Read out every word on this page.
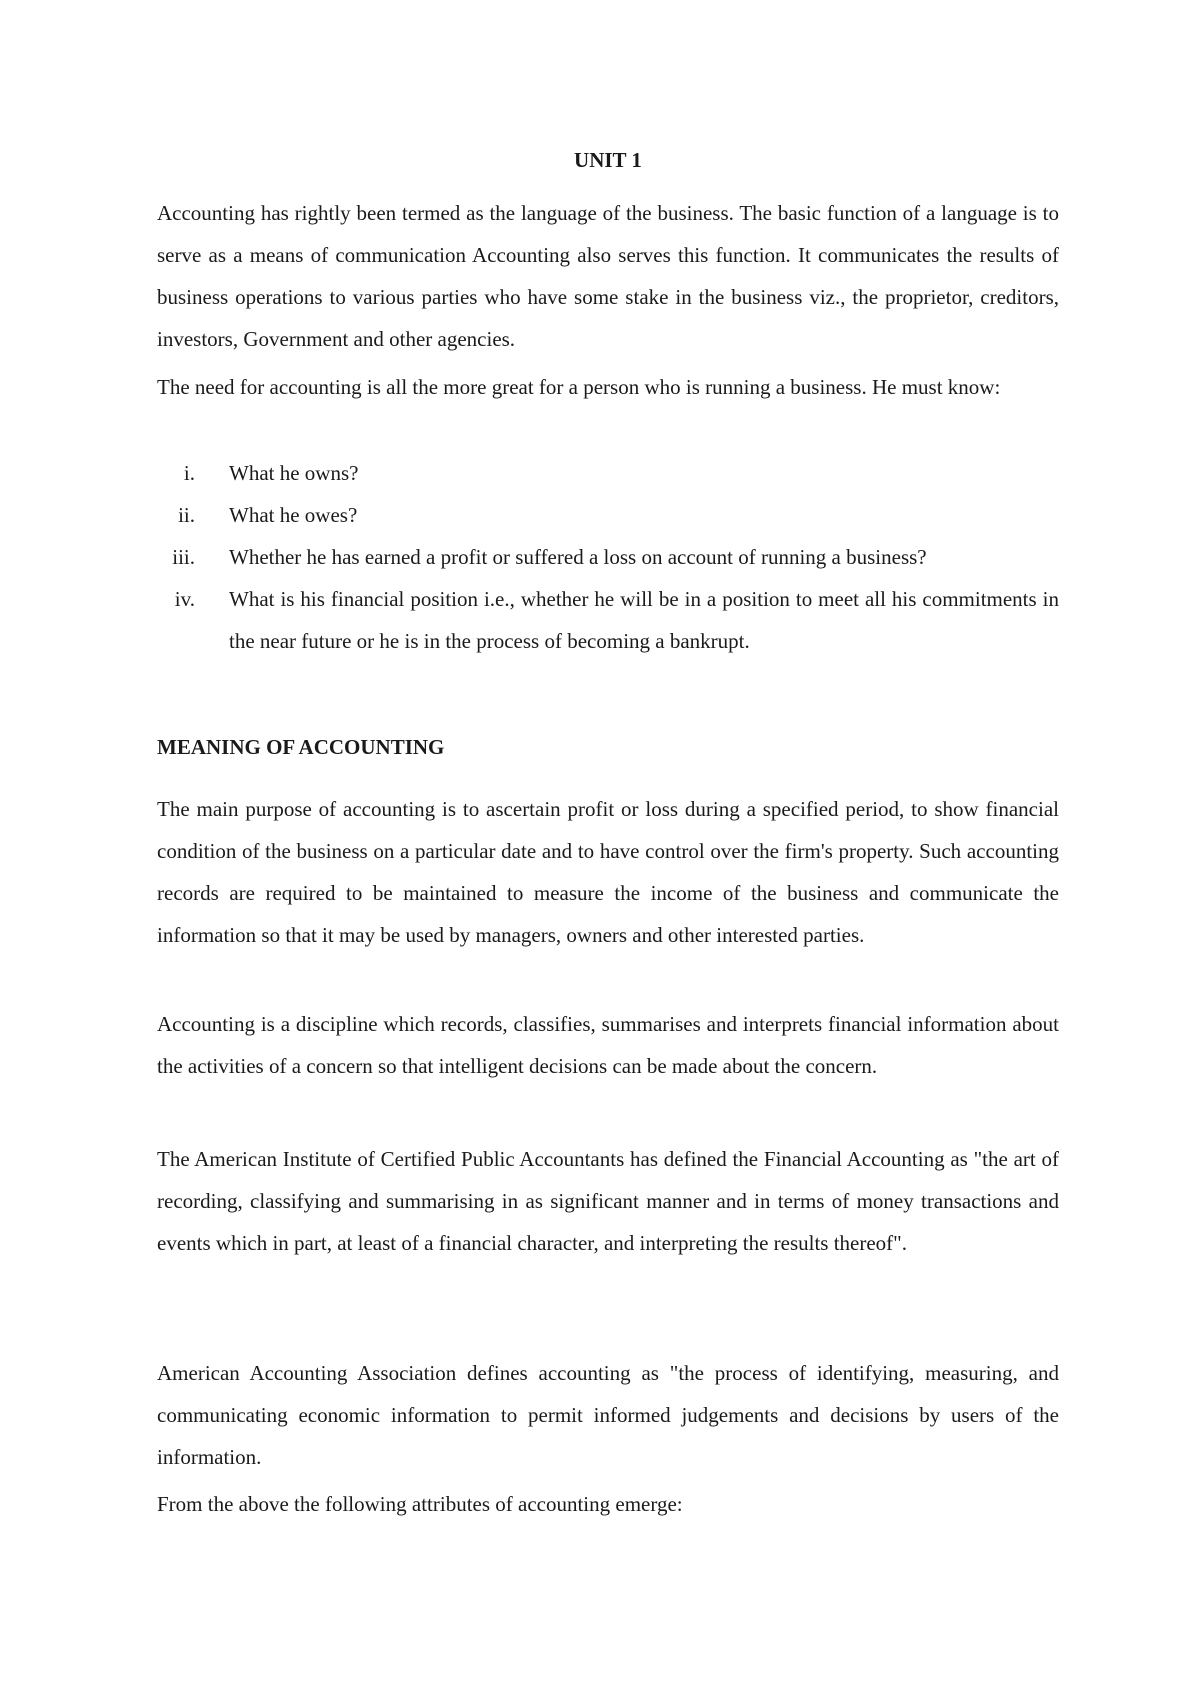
UNIT 1

Accounting has rightly been termed as the language of the business. The basic function of a language is to serve as a means of communication Accounting also serves this function. It communicates the results of business operations to various parties who have some stake in the business viz., the proprietor, creditors, investors, Government and other agencies.

The need for accounting is all the more great for a person who is running a business. He must know:

i. What he owns?
ii. What he owes?
iii. Whether he has earned a profit or suffered a loss on account of running a business?
iv. What is his financial position i.e., whether he will be in a position to meet all his commitments in the near future or he is in the process of becoming a bankrupt.
MEANING OF ACCOUNTING

The main purpose of accounting is to ascertain profit or loss during a specified period, to show financial condition of the business on a particular date and to have control over the firm's property. Such accounting records are required to be maintained to measure the income of the business and communicate the information so that it may be used by managers, owners and other interested parties.

Accounting is a discipline which records, classifies, summarises and interprets financial information about the activities of a concern so that intelligent decisions can be made about the concern.

The American Institute of Certified Public Accountants has defined the Financial Accounting as "the art of recording, classifying and summarising in as significant manner and in terms of money transactions and events which in part, at least of a financial character, and interpreting the results thereof".

American Accounting Association defines accounting as "the process of identifying, measuring, and communicating economic information to permit informed judgements and decisions by users of the information.

From the above the following attributes of accounting emerge:
